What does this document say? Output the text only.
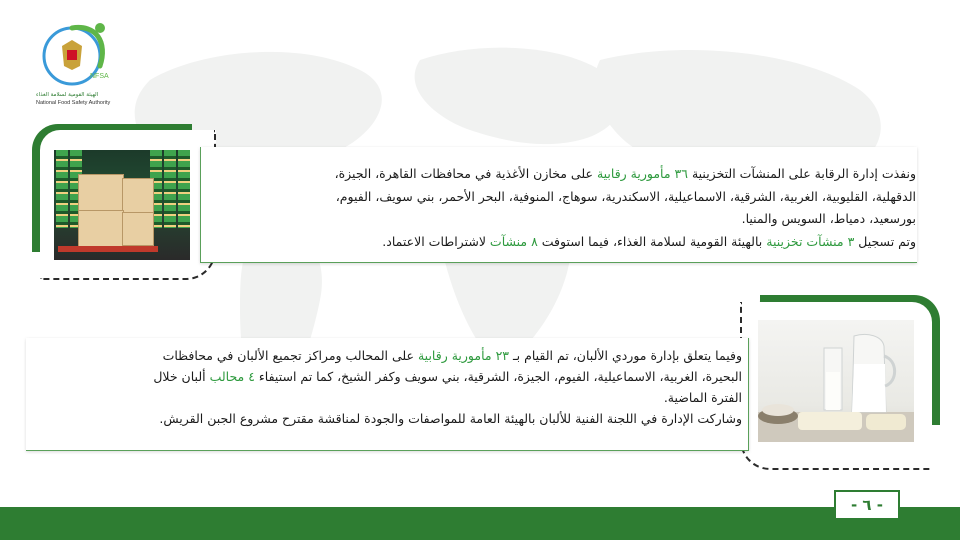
NFSA
الهيئة القومية لسلامة الغذاء
National Food Safety Authority
ونفذت إدارة الرقابة على المنشآت التخزينية ٣٦ مأمورية رقابية على مخازن الأغذية في محافظات القاهرة، الجيزة،
الدقهلية، القليوبية، الغربية، الشرقية، الاسماعيلية، الاسكندرية، سوهاج، المنوفية، البحر الأحمر، بني سويف، الفيوم،
بورسعيد، دمياط، السويس والمنيا.
وتم تسجيل ٣ منشآت تخزينية بالهيئة القومية لسلامة الغذاء، فيما استوفت ٨ منشآت لاشتراطات الاعتماد.
وفيما يتعلق بإدارة موردي الألبان، تم القيام بـ ٢٣ مأمورية رقابية على المحالب ومراكز تجميع الألبان في محافظات
البحيرة، الغربية، الاسماعيلية، الفيوم، الجيزة، الشرقية، بني سويف وكفر الشيخ، كما تم استيفاء ٤ محالب ألبان خلال
الفترة الماضية.
وشاركت الإدارة في اللجنة الفنية للألبان بالهيئة العامة للمواصفات والجودة لمناقشة مقترح مشروع الجبن القريش.
- ٦ -
